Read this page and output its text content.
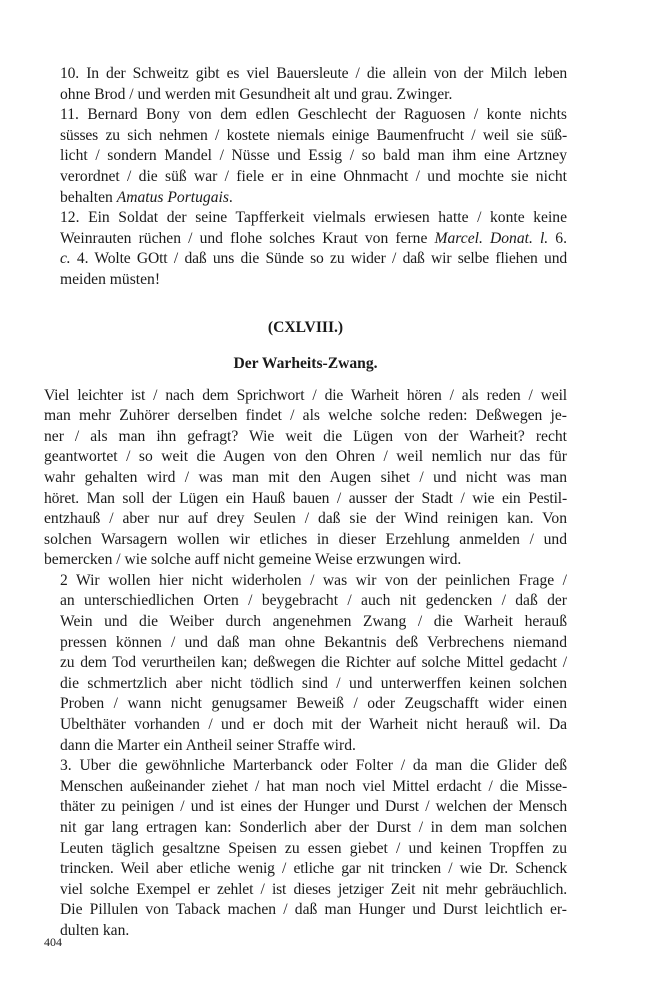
10. In der Schweitz gibt es viel Bauersleute / die allein von der Milch leben
ohne Brod / und werden mit Gesundheit alt und grau. Zwinger.

11. Bernard Bony von dem edlen Geschlecht der Raguosen / konte nichts
süsses zu sich nehmen / kostete niemals einige Baumenfrucht / weil sie süß-
licht / sondern Mandel / Nüsse und Essig / so bald man ihm eine Artzney
verordnet / die süß war / fiele er in eine Ohnmacht / und mochte sie nicht
behalten Amatus Portugais.

12. Ein Soldat der seine Tapfferkeit vielmals erwiesen hatte / konte keine
Weinrauten rüchen / und flohe solches Kraut von ferne Marcel. Donat. l. 6.
c. 4. Wolte GOtt / daß uns die Sünde so zu wider / daß wir selbe fliehen und
meiden müsten!

(CXLVIII.)

Der Warheits-Zwang.

Viel leichter ist / nach dem Sprichwort / die Warheit hören / als reden / weil
man mehr Zuhörer derselben findet / als welche solche reden: Deßwegen je-
ner / als man ihn gefragt? Wie weit die Lügen von der Warheit? recht
geantwortet / so weit die Augen von den Ohren / weil nemlich nur das für
wahr gehalten wird / was man mit den Augen sihet / und nicht was man
höret. Man soll der Lügen ein Hauß bauen / ausser der Stadt / wie ein Pestil-
entzhauß / aber nur auf drey Seulen / daß sie der Wind reinigen kan. Von
solchen Warsagern wollen wir etliches in dieser Erzehlung anmelden / und
bemercken / wie solche auff nicht gemeine Weise erzwungen wird.

2 Wir wollen hier nicht widerholen / was wir von der peinlichen Frage /
an unterschiedlichen Orten / beygebracht / auch nit gedencken / daß der
Wein und die Weiber durch angenehmen Zwang / die Warheit herauß
pressen können / und daß man ohne Bekantnis deß Verbrechens niemand
zu dem Tod verurtheilen kan; deßwegen die Richter auf solche Mittel gedacht /
die schmertzlich aber nicht tödlich sind / und unterwerffen keinen solchen
Proben / wann nicht genugsamer Beweiß / oder Zeugschafft wider einen
Ubelthäter vorhanden / und er doch mit der Warheit nicht herauß wil. Da
dann die Marter ein Antheil seiner Straffe wird.

3. Uber die gewöhnliche Marterbanck oder Folter / da man die Glider deß
Menschen außeinander ziehet / hat man noch viel Mittel erdacht / die Misse-
thäter zu peinigen / und ist eines der Hunger und Durst / welchen der Mensch
nit gar lang ertragen kan: Sonderlich aber der Durst / in dem man solchen
Leuten täglich gesaltzne Speisen zu essen giebet / und keinen Tropffen zu
trincken. Weil aber etliche wenig / etliche gar nit trincken / wie Dr. Schenck
viel solche Exempel er zehlet / ist dieses jetziger Zeit nit mehr gebräuchlich.
Die Pillulen von Taback machen / daß man Hunger und Durst leichtlich er-
dulten kan.

404
